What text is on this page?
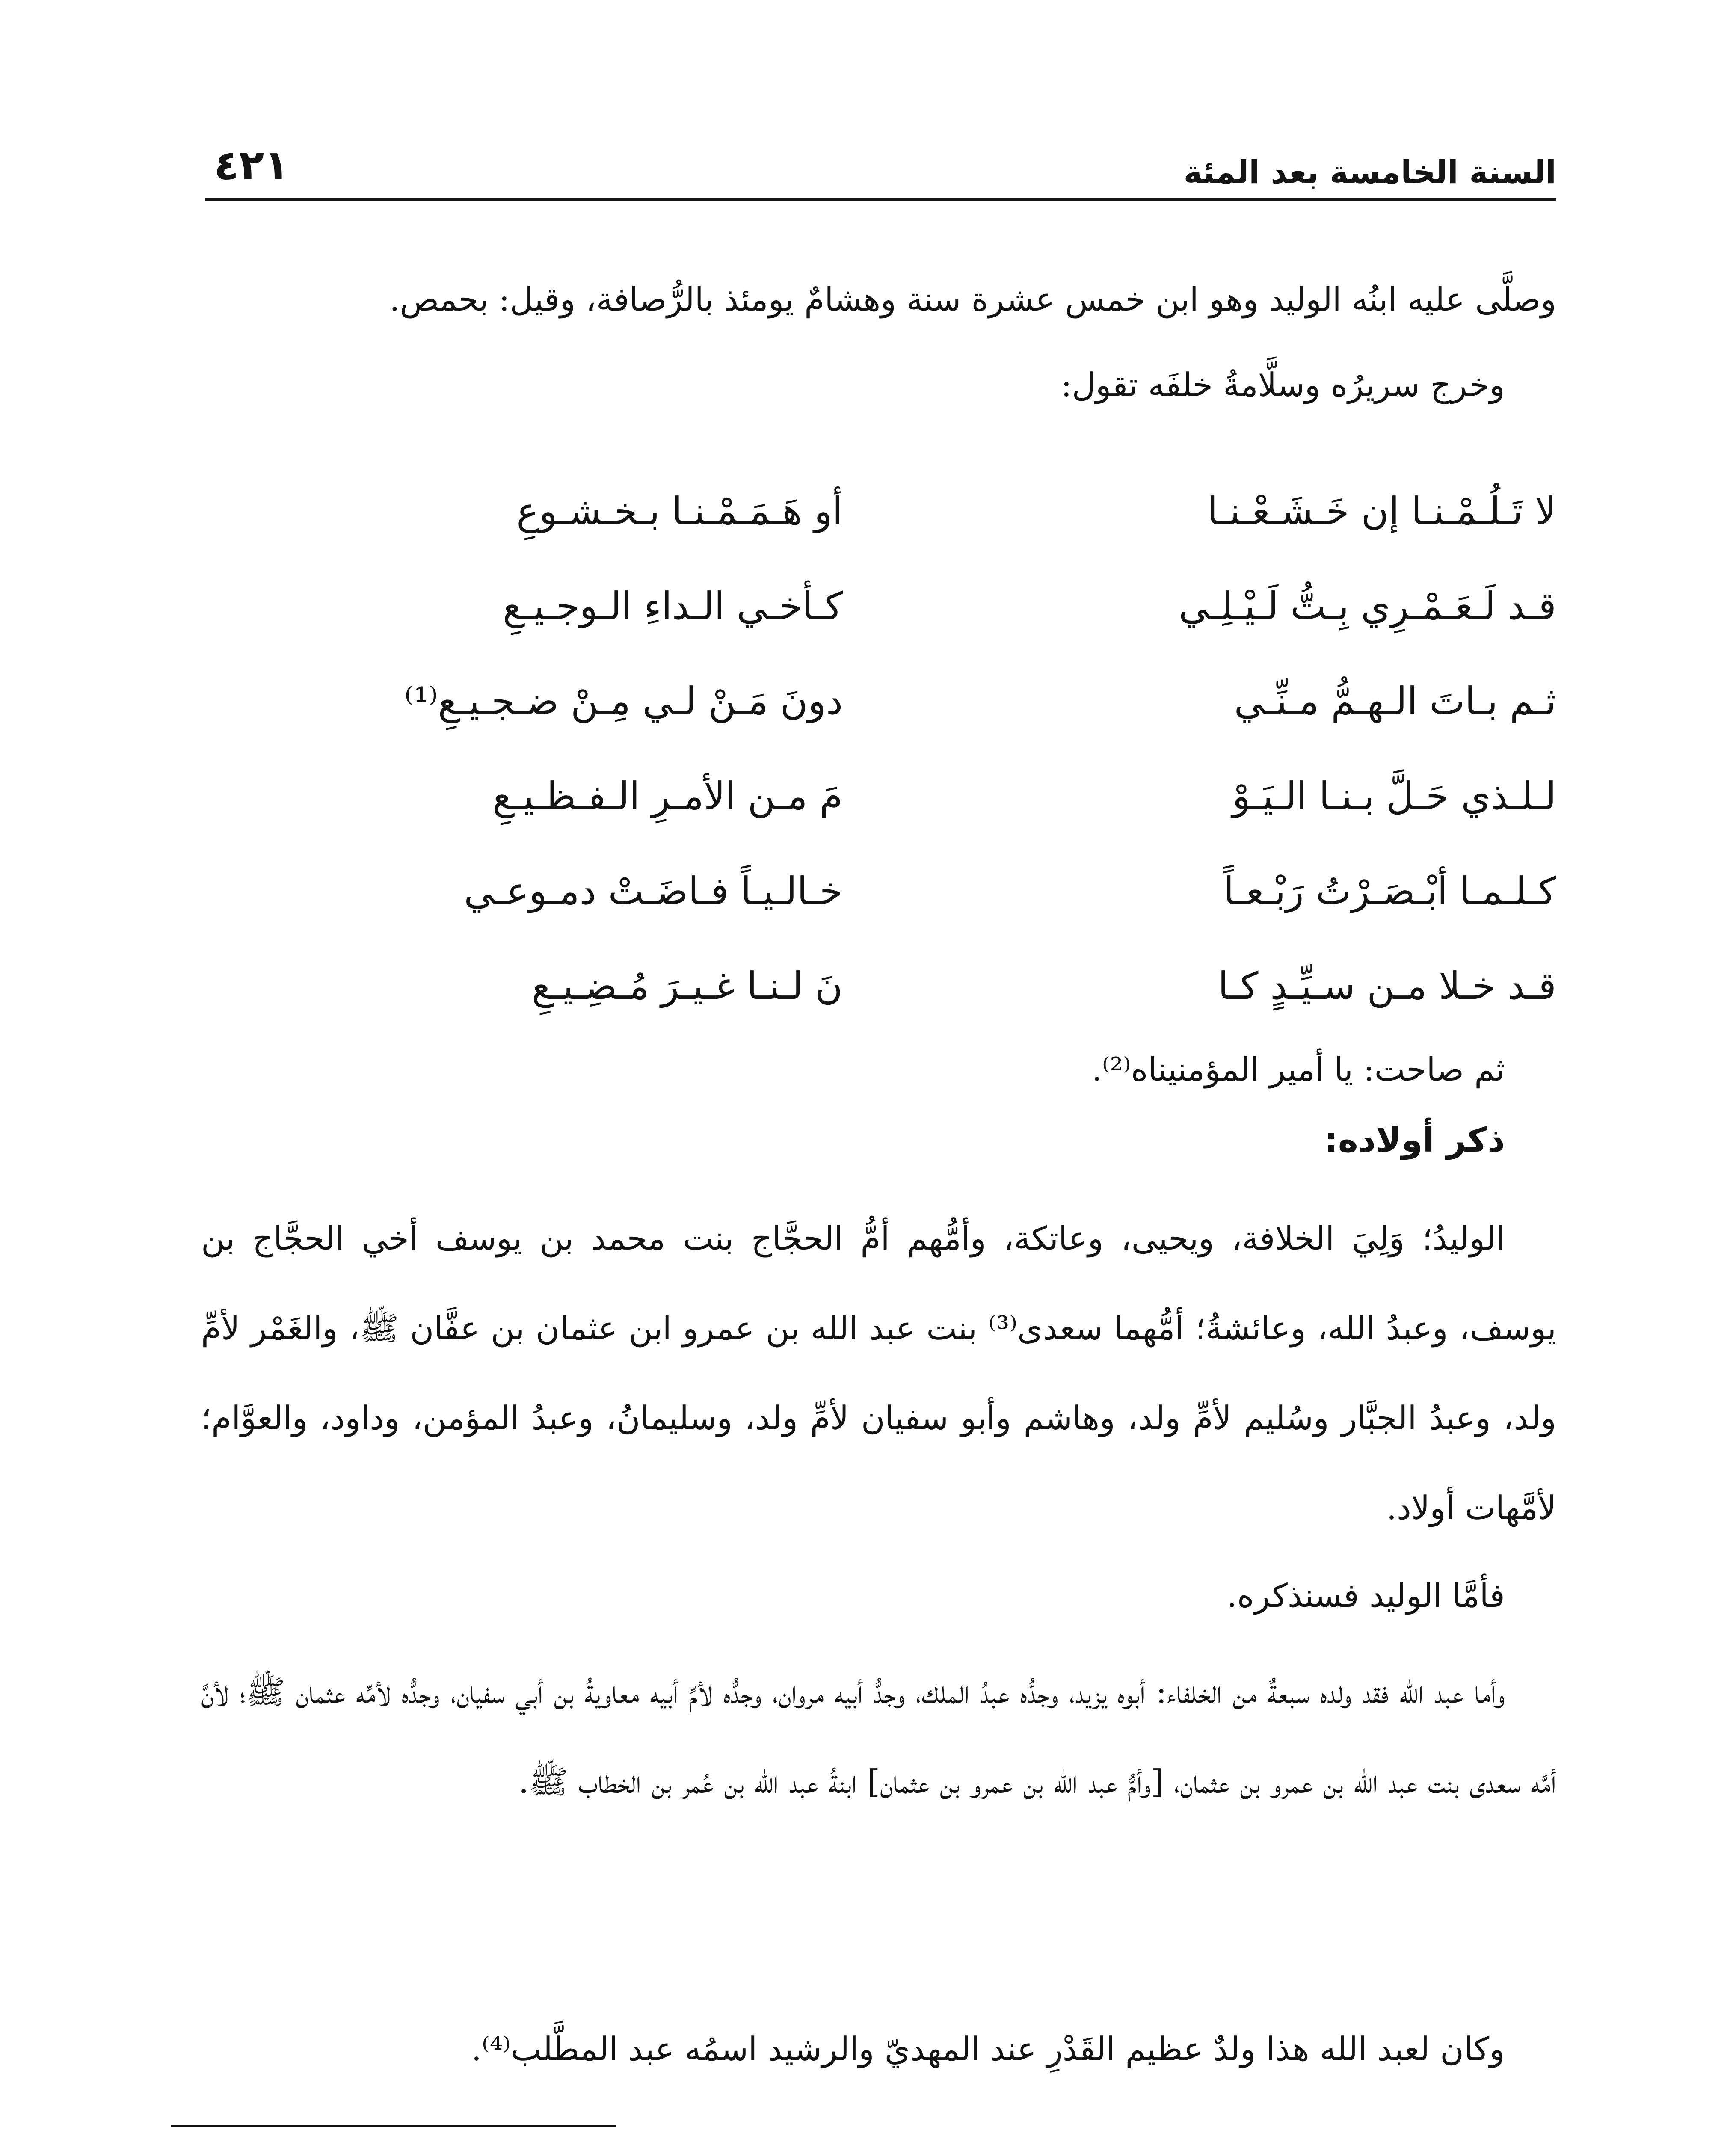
السنة الخامسة بعد المئة
٤٢١
وصلَّى عليه ابنُه الوليد وهو ابن خمس عشرة سنة وهشامٌ يومئذ بالرُّصافة، وقيل: بحمص.
وخرج سريرُه وسلَّامةُ خلفَه تقول:
لا تَـلُـمْـنـا إن خَـشَـعْـنـا
أو هَـمَـمْـنـا بـخـشـوعِ
قـد لَـعَـمْـرِي بِـتُّ لَـيْـلِـي
كـأخـي الـداءِ الـوجـيـعِ
ثـم بـاتَ الـهـمُّ مـنِّـي
دونَ مَـنْ لـي مِـنْ ضـجـيـعِ⁽¹⁾
لـلـذي حَـلَّ بـنـا الـيَـوْ
مَ مـن الأمـرِ الـفـظـيـعِ
كـلـمـا أبْـصَـرْتُ رَبْـعـاً
خـالـيـاً فـاضَـتْ دمـوعـي
قـد خـلا مـن سـيِّـدٍ كـا
نَ لـنـا غـيـرَ مُـضِـيـعِ
ثم صاحت: يا أمير المؤمنيناه⁽²⁾.
ذكر أولاده:
الوليدُ؛ وَلِيَ الخلافة، ويحيى، وعاتكة، وأمُّهم أمُّ الحجَّاج بنت محمد بن يوسف أخي الحجَّاج بن يوسف، وعبدُ الله، وعائشةُ؛ أمُّهما سعدى⁽³⁾ بنت عبد الله بن عمرو ابن عثمان بن عفَّان ﷺ، والغَمْر لأمِّ ولد، وعبدُ الجبَّار وسُليم لأمِّ ولد، وهاشم وأبو سفيان لأمِّ ولد، وسليمانُ، وعبدُ المؤمن، وداود، والعوَّام؛ لأمَّهات أولاد.
فأمَّا الوليد فسنذكره.
وأما عبد الله فقد ولده سبعةٌ من الخلفاء: أبوه يزيد، وجدُّه عبدُ الملك، وجدُّ أبيه مروان، وجدُّه لأمِّ أبيه معاويةُ بن أبي سفيان، وجدُّه لأمِّه عثمان ﷺ؛ لأنَّ أمَّه سعدى بنت عبد الله بن عمرو بن عثمان، [وأمُّ عبد الله بن عمرو بن عثمان] ابنةُ عبد الله بن عُمر بن الخطاب ﷺ.
وكان لعبد الله هذا ولدٌ عظيم القَدْرِ عند المهديّ والرشيد اسمُه عبد المطَّلب⁽⁴⁾.
